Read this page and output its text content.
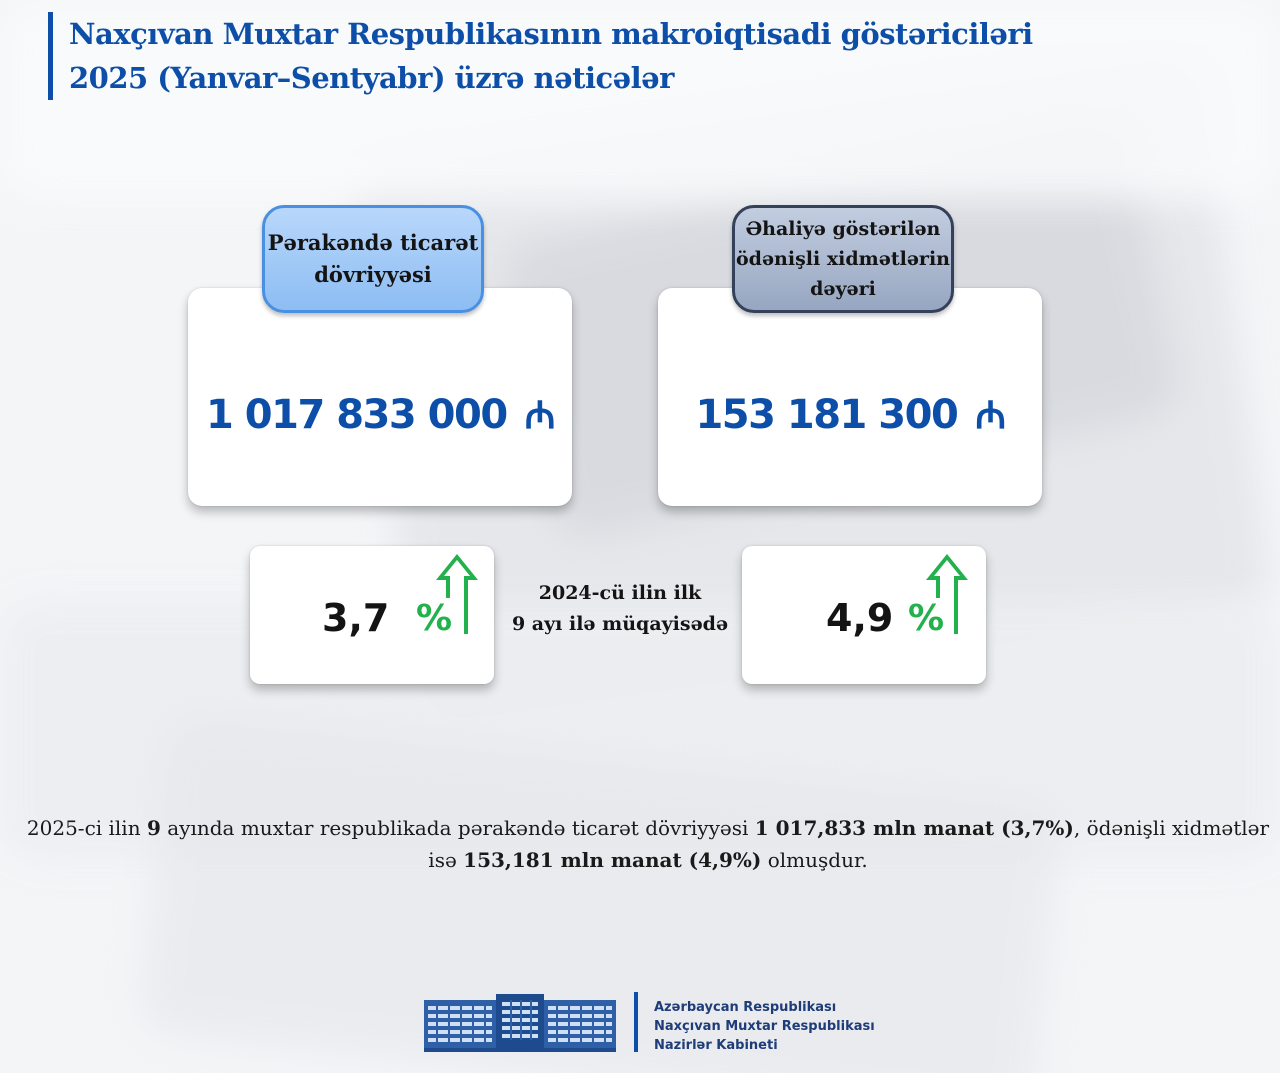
Naxçıvan Muxtar Respublikasının makroiqtisadi göstəriciləri
2025 (Yanvar–Sentyabr) üzrə nəticələr
1 017 833 000 ₼
Pərakəndə ticarət
dövriyyəsi
153 181 300 ₼
Əhaliyə göstərilən
ödənişli xidmətlərin
dəyəri
3,7 %
2024-cü ilin ilk
9 ayı ilə müqayisədə	4,9 %
2025-ci ilin 9 ayında muxtar respublikada pərakəndə ticarət dövriyyəsi 1 017,833 mln manat (3,7%), ödənişli xidmətlər isə 153,181 mln manat (4,9%) olmuşdur.
Azərbaycan Respublikası
Naxçıvan Muxtar Respublikası
Nazirlər Kabineti
